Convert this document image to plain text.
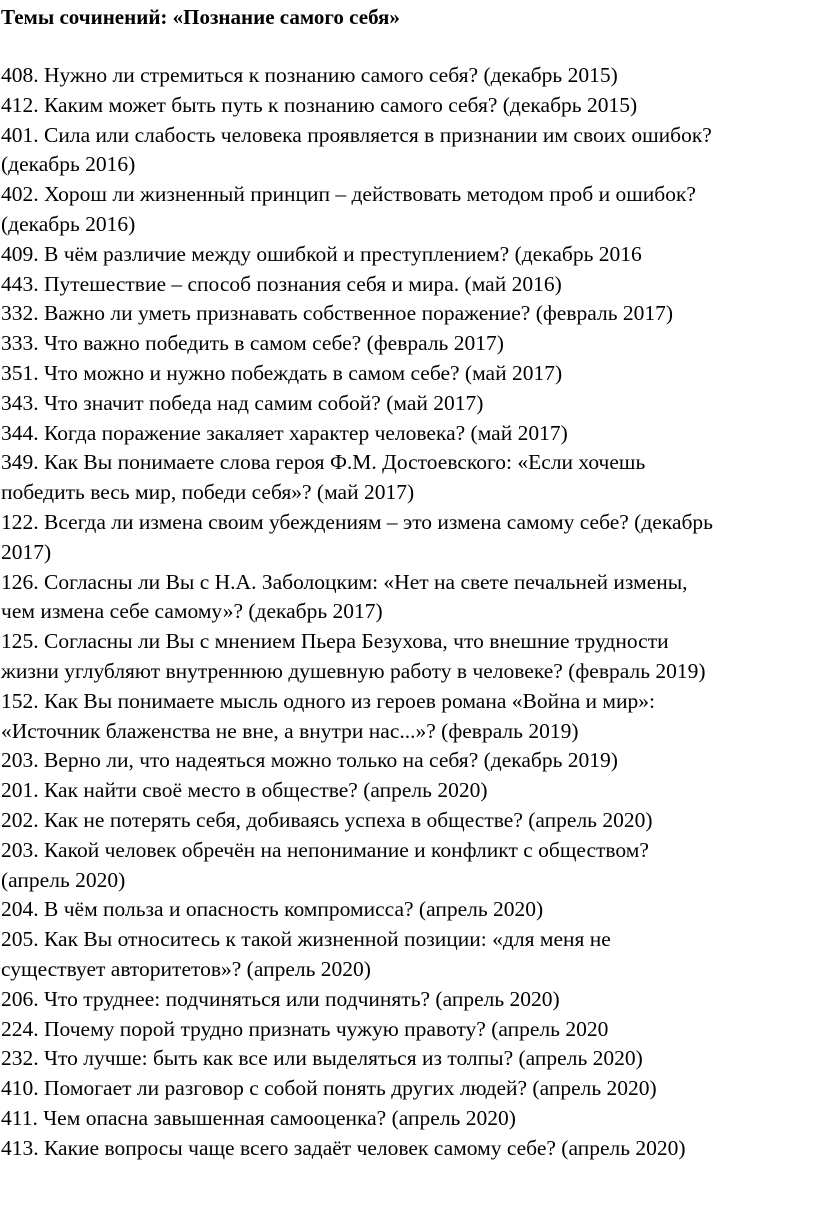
Темы сочинений: «Познание самого себя»
408. Нужно ли стремиться к познанию самого себя? (декабрь 2015)
412. Каким может быть путь к познанию самого себя? (декабрь 2015)
401. Сила или слабость человека проявляется в признании им своих ошибок?
(декабрь 2016)
402. Хорош ли жизненный принцип – действовать методом проб и ошибок?
(декабрь 2016)
409. В чём различие между ошибкой и преступлением? (декабрь 2016
443. Путешествие – способ познания себя и мира. (май 2016)
332. Важно ли уметь признавать собственное поражение? (февраль 2017)
333. Что важно победить в самом себе? (февраль 2017)
351. Что можно и нужно побеждать в самом себе? (май 2017)
343. Что значит победа над самим собой? (май 2017)
344. Когда поражение закаляет характер человека? (май 2017)
349. Как Вы понимаете слова героя Ф.М. Достоевского: «Если хочешь
победить весь мир, победи себя»? (май 2017)
122. Всегда ли измена своим убеждениям – это измена самому себе? (декабрь
2017)
126. Согласны ли Вы с Н.А. Заболоцким: «Нет на свете печальней измены,
чем измена себе самому»? (декабрь 2017)
125. Согласны ли Вы с мнением Пьера Безухова, что внешние трудности
жизни углубляют внутреннюю душевную работу в человеке? (февраль 2019)
152. Как Вы понимаете мысль одного из героев романа «Война и мир»:
«Источник блаженства не вне, а внутри нас...»? (февраль 2019)
203. Верно ли, что надеяться можно только на себя? (декабрь 2019)
201. Как найти своё место в обществе? (апрель 2020)
202. Как не потерять себя, добиваясь успеха в обществе? (апрель 2020)
203. Какой человек обречён на непонимание и конфликт с обществом?
(апрель 2020)
204. В чём польза и опасность компромисса? (апрель 2020)
205. Как Вы относитесь к такой жизненной позиции: «для меня не
существует авторитетов»? (апрель 2020)
206. Что труднее: подчиняться или подчинять? (апрель 2020)
224. Почему порой трудно признать чужую правоту? (апрель 2020
232. Что лучше: быть как все или выделяться из толпы? (апрель 2020)
410. Помогает ли разговор с собой понять других людей? (апрель 2020)
411. Чем опасна завышенная самооценка? (апрель 2020)
413. Какие вопросы чаще всего задаёт человек самому себе? (апрель 2020)
